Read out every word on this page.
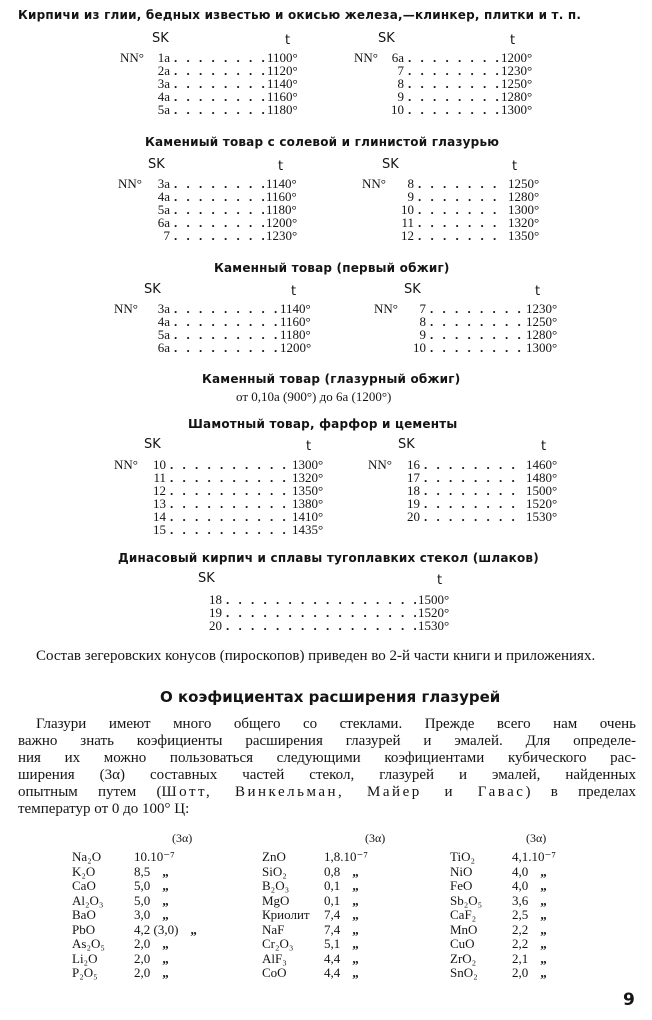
Кирпичи из глии, бедных известью и окисью железа,—клинкер, плитки и т. п.
SK	t	SK	t
NN°	1a . . .	1100°
2a . . .	1120°
3a . . .	1140°
4a . . .	1160°
5a . . .	1180°
NN°	6a . . .	1200°
7 . . .	1230°
8 . . .	1250°
9 . . .	1280°
10 . . .	1300°
Камениый товар с солевой и глинистой глазурью
SK	t	SK	t
NN°	3a . . .	1140°
4a . . .	1160°
5a . . .	1180°
6a . . .	1200°
7 . . .	1230°
NN°	8 . . .	1250°
9 . . .	1280°
10 . . .	1300°
11 . . .	1320°
12 . . .	1350°
Каменный товар (первый обжиг)
SK	t	SK	t
NN°	3a . . .	1140°
4a . . .	1160°
5a . . .	1180°
6a . . .	1200°
NN°	7 . . .	1230°
8 . . .	1250°
9 . . .	1280°
10 . . .	1300°
Каменный товар (глазурный обжиг)
от 0,10а (900°) до 6а (1200°)
Шамотный товар, фарфор и цементы
SK	t	SK	t
NN°	10 . . .	1300°
11 . . .	1320°
12 . . .	1350°
13 . . .	1380°
14 . . .	1410°
15 . . .	1435°
NN°	16 . . .	1460°
17 . . .	1480°
18 . . .	1500°
19 . . .	1520°
20 . . .	1530°
Динасовый кирпич и сплавы тугоплавких стекол (шлаков)
SK	t
18 . . .	1500°
19 . . .	1520°
20 . . .	1530°
Состав зегеровских конусов (пироскопов) приведен во 2-й части книги и приложениях.
О коэфициентах расширения глазурей
Глазури имеют много общего со стеклами. Прежде всего нам очень
важно знать коэфициенты расширения глазурей и эмалей. Для определе-
ния их можно пользоваться следующими коэфициентами кубического рас-
ширения (3α) составных частей стекол, глазурей и эмалей, найденных
опытным путем (Шотт, Винкельман, Майер и Гавас) в пределах
температур от 0 до 100° Ц:
(3α)	(3α)	(3α)
Na₂O	10.10⁻⁷
K₂O	8,5 „
CaO	5,0 „
Al₂O₃	5,0 „
BaO	3,0 „
PbO	4,2 (3,0) „
As₂O₅	2,0 „
Li₂O	2,0 „
P₂O₅	2,0 „
ZnO	1,8.10⁻⁷
SiO₂	0,8 „
B₂O₃	0,1 „
MgO	0,1 „
Криолит	7,4 „
NaF	7,4 „
Cr₂O₃	5,1 „
AlF₃	4,4 „
CoO	4,4 „
TiO₂	4,1.10⁻⁷
NiO	4,0 „
FeO	4,0 „
Sb₂O₅	3,6 „
CaF₂	2,5 „
MnO	2,2 „
CuO	2,2 „
ZrO₂	2,1 „
SnO₂	2,0 „
9
